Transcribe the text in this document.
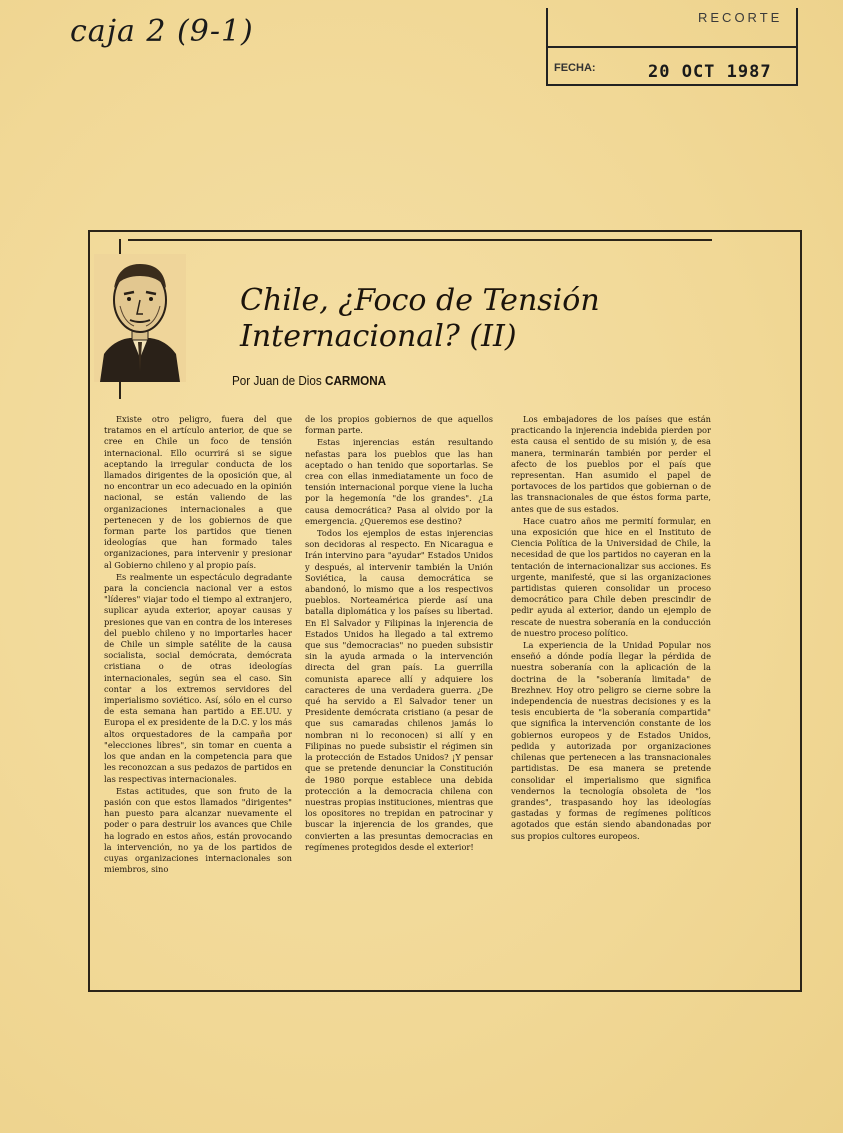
caja 2 (9-1)	RECORTE
FECHA:	20 OCT 1987
Chile, ¿Foco de Tensión Internacional? (II)
Por Juan de Dios CARMONA

Existe otro peligro, fuera del que tratamos en el artículo anterior, de que se cree en Chile un foco de tensión internacional. Ello ocurrirá si se sigue aceptando la irregular conducta de los llamados dirigentes de la oposición que, al no encontrar un eco adecuado en la opinión nacional, se están valiendo de las organizaciones internacionales a que pertenecen y de los gobiernos de que forman parte los partidos que tienen ideologías que han formado tales organizaciones, para intervenir y presionar al Gobierno chileno y al propio país.

Es realmente un espectáculo degradante para la conciencia nacional ver a estos "líderes" viajar todo el tiempo al extranjero, suplicar ayuda exterior, apoyar causas y presiones que van en contra de los intereses del pueblo chileno y no importarles hacer de Chile un simple satélite de la causa socialista, social demócrata, demócrata cristiana o de otras ideologías internacionales, según sea el caso. Sin contar a los extremos servidores del imperialismo soviético. Así, sólo en el curso de esta semana han partido a EE.UU. y Europa el ex presidente de la D.C. y los más altos orquestadores de la campaña por "elecciones libres", sin tomar en cuenta a los que andan en la competencia para que les reconozcan a sus pedazos de partidos en las respectivas internacionales.

Estas actitudes, que son fruto de la pasión con que estos llamados "dirigentes" han puesto para alcanzar nuevamente el poder o para destruir los avances que Chile ha logrado en estos años, están provocando la intervención, no ya de los partidos de cuyas organizaciones internacionales son miembros, sino

de los propios gobiernos de que aquellos forman parte.

Estas injerencias están resultando nefastas para los pueblos que las han aceptado o han tenido que soportarlas. Se crea con ellas inmediatamente un foco de tensión internacional porque viene la lucha por la hegemonía "de los grandes". ¿La causa democrática? Pasa al olvido por la emergencia. ¿Queremos ese destino?

Todos los ejemplos de estas injerencias son decidoras al respecto. En Nicaragua e Irán intervino para "ayudar" Estados Unidos y después, al intervenir también la Unión Soviética, la causa democrática se abandonó, lo mismo que a los respectivos pueblos. Norteamérica pierde así una batalla diplomática y los países su libertad. En El Salvador y Filipinas la injerencia de Estados Unidos ha llegado a tal extremo que sus "democracias" no pueden subsistir sin la ayuda armada o la intervención directa del gran país. La guerrilla comunista aparece allí y adquiere los caracteres de una verdadera guerra. ¿De qué ha servido a El Salvador tener un Presidente demócrata cristiano (a pesar de que sus camaradas chilenos jamás lo nombran ni lo reconocen) si allí y en Filipinas no puede subsistir el régimen sin la protección de Estados Unidos? ¡Y pensar que se pretende denunciar la Constitución de 1980 porque establece una debida protección a la democracia chilena con nuestras propias instituciones, mientras que los opositores no trepidan en patrocinar y buscar la injerencia de los grandes, que convierten a las presuntas democracias en regímenes protegidos desde el exterior!

Los embajadores de los países que están practicando la injerencia indebida pierden por esta causa el sentido de su misión y, de esa manera, terminarán también por perder el afecto de los pueblos por el país que representan. Han asumido el papel de portavoces de los partidos que gobiernan o de las transnacionales de que éstos forma parte, antes que de sus estados.

Hace cuatro años me permití formular, en una exposición que hice en el Instituto de Ciencia Política de la Universidad de Chile, la necesidad de que los partidos no cayeran en la tentación de internacionalizar sus acciones. Es urgente, manifesté, que si las organizaciones partidistas quieren consolidar un proceso democrático para Chile deben prescindir de pedir ayuda al exterior, dando un ejemplo de rescate de nuestra soberanía en la conducción de nuestro proceso político.

La experiencia de la Unidad Popular nos enseñó a dónde podía llegar la pérdida de nuestra soberanía con la aplicación de la doctrina de la "soberanía limitada" de Brezhnev. Hoy otro peligro se cierne sobre la independencia de nuestras decisiones y es la tesis encubierta de "la soberanía compartida" que significa la intervención constante de los gobiernos europeos y de Estados Unidos, pedida y autorizada por organizaciones chilenas que pertenecen a las transnacionales partidistas. De esa manera se pretende consolidar el imperialismo que significa vendernos la tecnología obsoleta de "los grandes", traspasando hoy las ideologías gastadas y formas de regímenes políticos agotados que están siendo abandonadas por sus propios cultores europeos.
